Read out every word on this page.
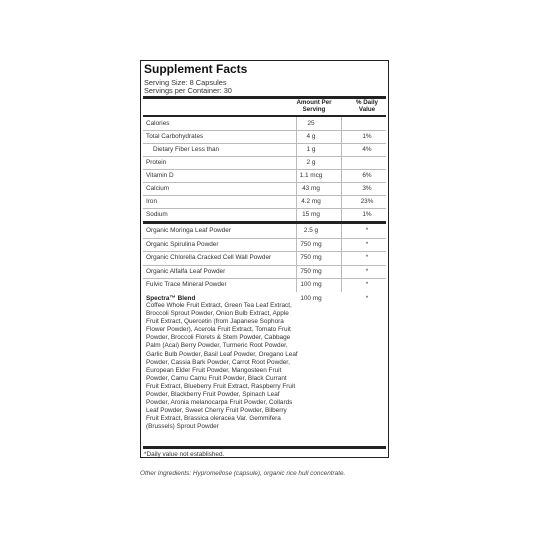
Supplement Facts
Serving Size: 8 Capsules
Servings per Container: 30
Amount Per Serving
% Daily Value
Calories	25
Total Carbohydrates	4 g	1%
Dietary Fiber Less than	1 g	4%
Protein	2 g
Vitamin D	1.1 mcg	6%
Calcium	43 mg	3%
Iron	4.2 mg	23%
Sodium	15 mg	1%
Organic Moringa Leaf Powder	2.5 g	*
Organic Spirulina Powder	750 mg	*
Organic Chlorella Cracked Cell Wall Powder	750 mg	*
Organic Alfalfa Leaf Powder	750 mg	*
Fulvic Trace Mineral Powder	100 mg	*
Spectra™ Blend	100 mg	*
Coffee Whole Fruit Extract, Green Tea Leaf Extract, Broccoli Sprout Powder, Onion Bulb Extract, Apple Fruit Extract, Quercetin (from Japanese Sophora Flower Powder), Acerola Fruit Extract, Tomato Fruit Powder, Broccoli Florets & Stem Powder, Cabbage Palm (Acai) Berry Powder, Turmeric Root Powder, Garlic Bulb Powder, Basil Leaf Powder, Oregano Leaf Powder, Cassia Bark Powder, Carrot Root Powder, European Elder Fruit Powder, Mangosteen Fruit Powder, Camu Camu Fruit Powder, Black Currant Fruit Extract, Blueberry Fruit Extract, Raspberry Fruit Powder, Blackberry Fruit Powder, Spinach Leaf Powder, Aronia melanocarpa Fruit Powder, Collards Leaf Powder, Sweet Cherry Fruit Powder, Bilberry Fruit Extract, Brassica oleracea Var. Gemmifera (Brussels) Sprout Powder
*Daily value not established.
Other Ingredients: Hypromellose (capsule), organic rice hull concentrate.
